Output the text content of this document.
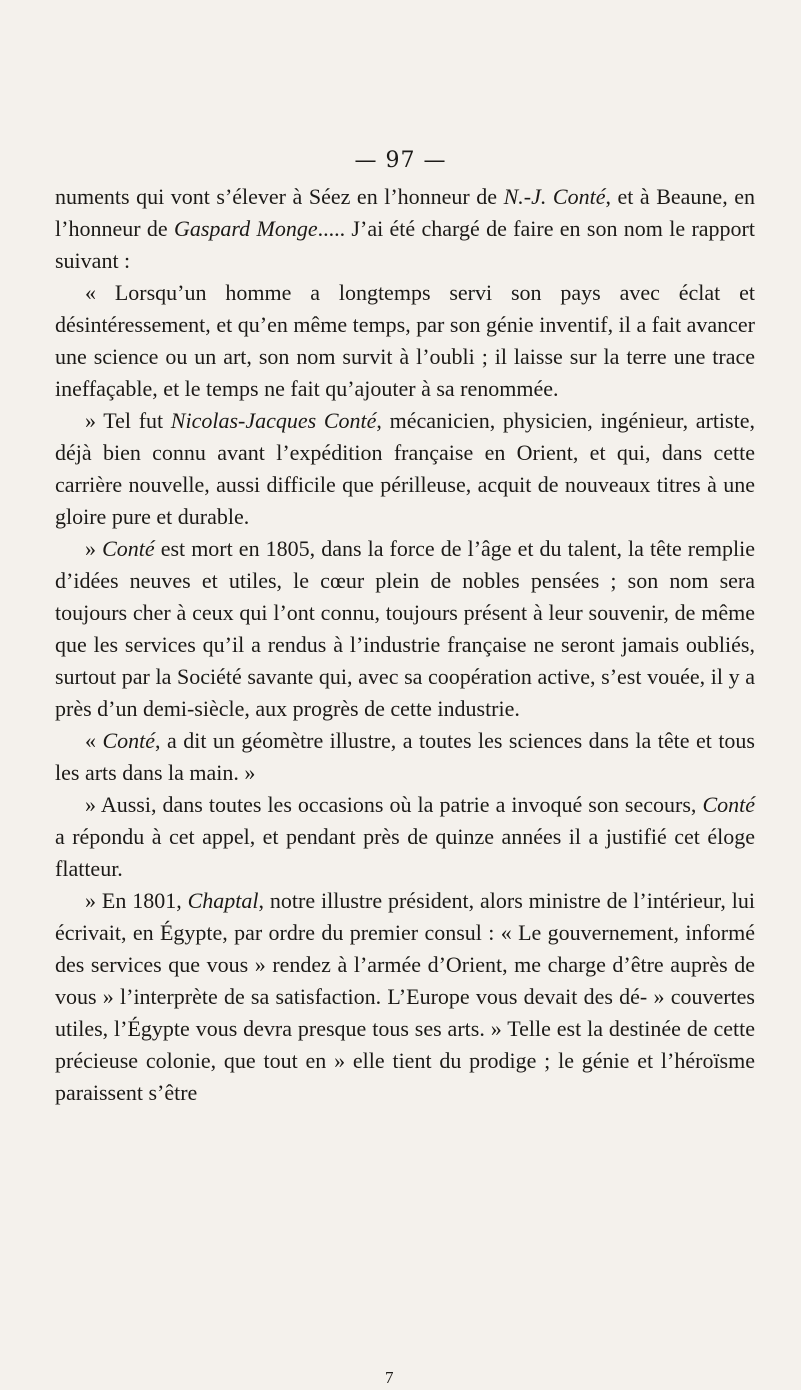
— 97 —

numents qui vont s’élever à Séez en l’honneur de N.-J. Conté, et à Beaune, en l’honneur de Gaspard Monge..... J’ai été chargé de faire en son nom le rapport suivant :

« Lorsqu’un homme a longtemps servi son pays avec éclat et désintéressement, et qu’en même temps, par son génie inventif, il a fait avancer une science ou un art, son nom survit à l’oubli ; il laisse sur la terre une trace ineffaçable, et le temps ne fait qu’ajouter à sa renommée.

» Tel fut Nicolas-Jacques Conté, mécanicien, physicien, ingénieur, artiste, déjà bien connu avant l’expédition française en Orient, et qui, dans cette carrière nouvelle, aussi difficile que périlleuse, acquit de nouveaux titres à une gloire pure et durable.

» Conté est mort en 1805, dans la force de l’âge et du talent, la tête remplie d’idées neuves et utiles, le cœur plein de nobles pensées ; son nom sera toujours cher à ceux qui l’ont connu, toujours présent à leur souvenir, de même que les services qu’il a rendus à l’industrie française ne seront jamais oubliés, surtout par la Société savante qui, avec sa coopération active, s’est vouée, il y a près d’un demi-siècle, aux progrès de cette industrie.

« Conté, a dit un géomètre illustre, a toutes les sciences dans la tête et tous les arts dans la main. »

» Aussi, dans toutes les occasions où la patrie a invoqué son secours, Conté a répondu à cet appel, et pendant près de quinze années il a justifié cet éloge flatteur.

» En 1801, Chaptal, notre illustre président, alors ministre de l’intérieur, lui écrivait, en Égypte, par ordre du premier consul : « Le gouvernement, informé des services que vous » rendez à l’armée d’Orient, me charge d’être auprès de vous » l’interprète de sa satisfaction. L’Europe vous devait des dé- » couvertes utiles, l’Égypte vous devra presque tous ses arts. » Telle est la destinée de cette précieuse colonie, que tout en » elle tient du prodige ; le génie et l’héroïsme paraissent s’être

7
